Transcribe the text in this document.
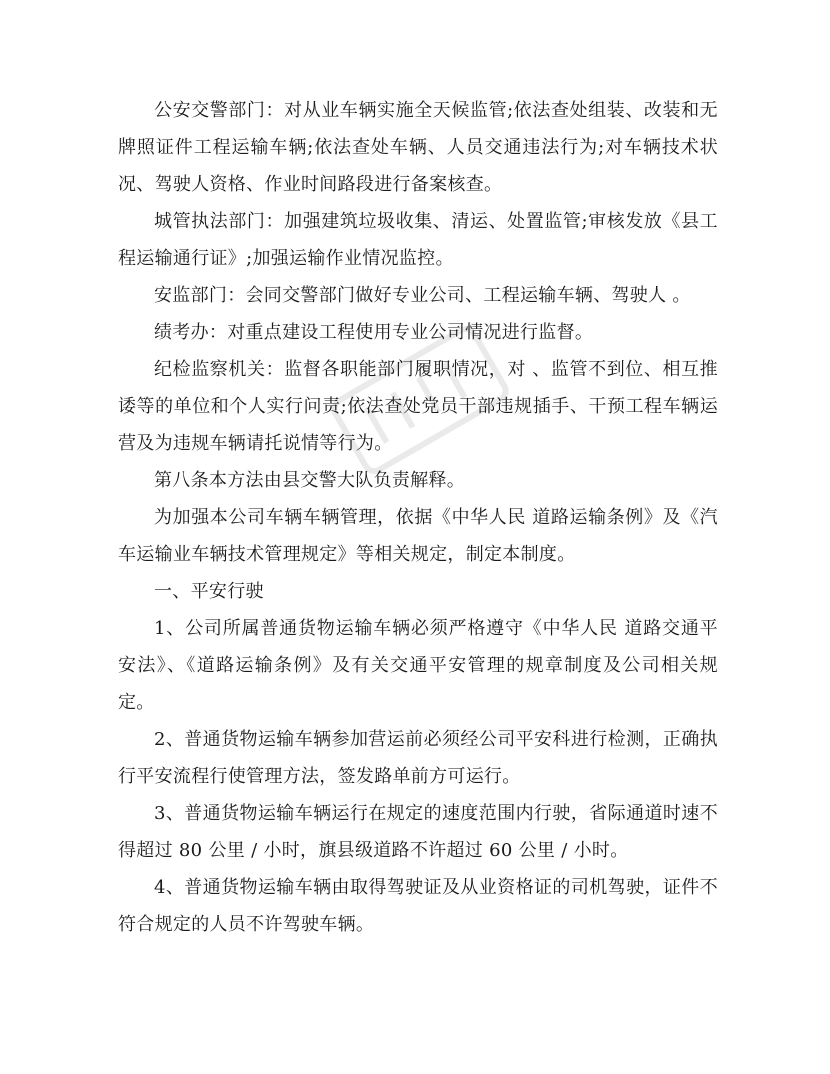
公安交警部门：对从业车辆实施全天候监管;依法查处组装、改装和无牌照证件工程运输车辆;依法查处车辆、人员交通违法行为;对车辆技术状况、驾驶人资格、作业时间路段进行备案核查。

城管执法部门：加强建筑垃圾收集、清运、处置监管;审核发放《县工程运输通行证》;加强运输作业情况监控。

安监部门：会同交警部门做好专业公司、工程运输车辆、驾驶人 。

绩考办：对重点建设工程使用专业公司情况进行监督。

纪检监察机关：监督各职能部门履职情况，对 、监管不到位、相互推诿等的单位和个人实行问责;依法查处党员干部违规插手、干预工程车辆运营及为违规车辆请托说情等行为。

第八条本方法由县交警大队负责解释。

为加强本公司车辆车辆管理，依据《中华人民 道路运输条例》及《汽车运输业车辆技术管理规定》等相关规定，制定本制度。

一、平安行驶

1、公司所属普通货物运输车辆必须严格遵守《中华人民 道路交通平安法》、《道路运输条例》及有关交通平安管理的规章制度及公司相关规定。

2、普通货物运输车辆参加营运前必须经公司平安科进行检测，正确执行平安流程行使管理方法，签发路单前方可运行。

3、普通货物运输车辆运行在规定的速度范围内行驶，省际通道时速不得超过 80 公里 / 小时，旗县级道路不许超过 60 公里 / 小时。

4、普通货物运输车辆由取得驾驶证及从业资格证的司机驾驶，证件不符合规定的人员不许驾驶车辆。
